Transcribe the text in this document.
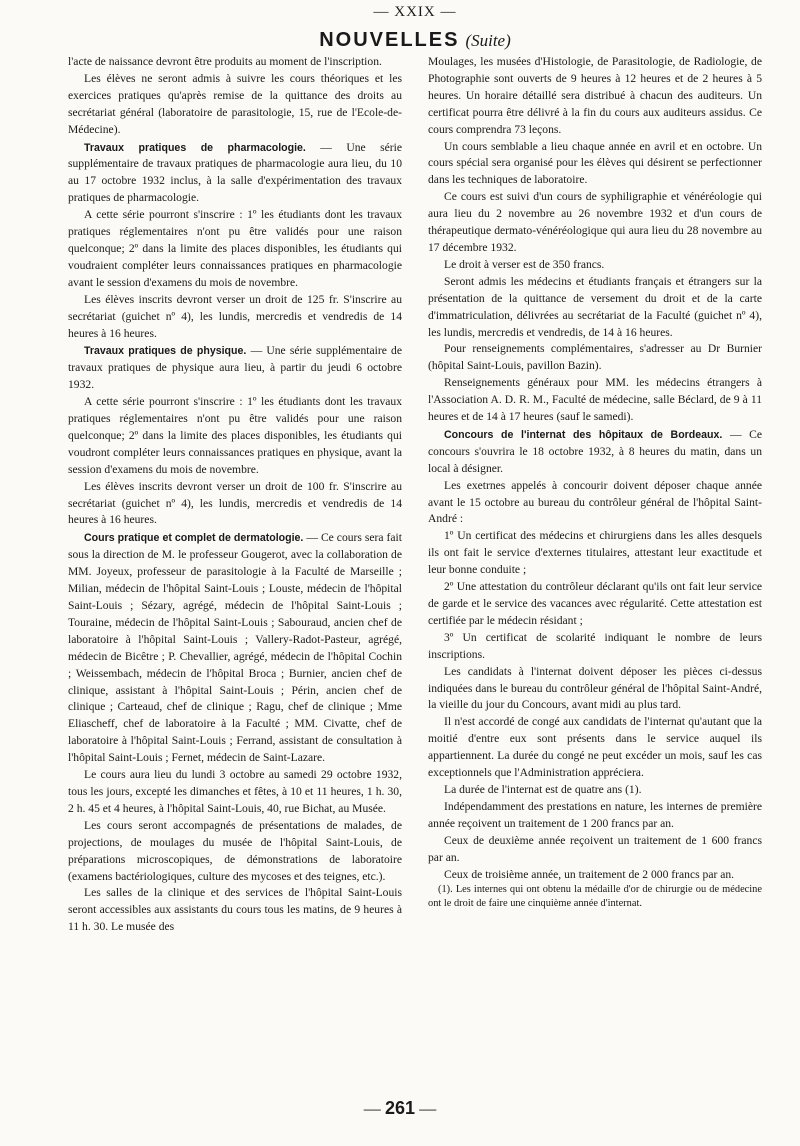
— XXIX —
NOUVELLES (Suite)

l'acte de naissance devront être produits au moment de l'inscription.

Les élèves ne seront admis à suivre les cours théoriques et les exercices pratiques qu'après remise de la quittance des droits au secrétariat général (laboratoire de parasitologie, 15, rue de l'Ecole-de-Médecine).

Travaux pratiques de pharmacologie. — Une série supplémentaire de travaux pratiques de pharmacologie aura lieu, du 10 au 17 octobre 1932 inclus, à la salle d'expérimentation des travaux pratiques de pharmacologie.

A cette série pourront s'inscrire : 1º les étudiants dont les travaux pratiques réglementaires n'ont pu être validés pour une raison quelconque; 2º dans la limite des places disponibles, les étudiants qui voudraient compléter leurs connaissances pratiques en pharmacologie avant le session d'examens du mois de novembre.

Les élèves inscrits devront verser un droit de 125 fr. S'inscrire au secrétariat (guichet nº 4), les lundis, mercredis et vendredis de 14 heures à 16 heures.

Travaux pratiques de physique. — Une série supplémentaire de travaux pratiques de physique aura lieu, à partir du jeudi 6 octobre 1932.

A cette série pourront s'inscrire : 1º les étudiants dont les travaux pratiques réglementaires n'ont pu être validés pour une raison quelconque; 2º dans la limite des places disponibles, les étudiants qui voudront compléter leurs connaissances pratiques en physique, avant la session d'examens du mois de novembre.

Les élèves inscrits devront verser un droit de 100 fr. S'inscrire au secrétariat (guichet nº 4), les lundis, mercredis et vendredis de 14 heures à 16 heures.

Cours pratique et complet de dermatologie. — Ce cours sera fait sous la direction de M. le professeur Gougerot, avec la collaboration de MM. Joyeux, professeur de parasitologie à la Faculté de Marseille ; Milian, médecin de l'hôpital Saint-Louis ; Louste, médecin de l'hôpital Saint-Louis ; Sézary, agrégé, médecin de l'hôpital Saint-Louis ; Touraine, médecin de l'hôpital Saint-Louis ; Sabouraud, ancien chef de laboratoire à l'hôpital Saint-Louis ; Vallery-Radot-Pasteur, agrégé, médecin de Bicêtre ; P. Chevallier, agrégé, médecin de l'hôpital Cochin ; Weissembach, médecin de l'hôpital Broca ; Burnier, ancien chef de clinique, assistant à l'hôpital Saint-Louis ; Périn, ancien chef de clinique ; Carteaud, chef de clinique ; Ragu, chef de clinique ; Mme Eliascheff, chef de laboratoire à la Faculté ; MM. Civatte, chef de laboratoire à l'hôpital Saint-Louis ; Ferrand, assistant de consultation à l'hôpital Saint-Louis ; Fernet, médecin de Saint-Lazare.

Le cours aura lieu du lundi 3 octobre au samedi 29 octobre 1932, tous les jours, excepté les dimanches et fêtes, à 10 et 11 heures, 1 h. 30, 2 h. 45 et 4 heures, à l'hôpital Saint-Louis, 40, rue Bichat, au Musée.

Les cours seront accompagnés de présentations de malades, de projections, de moulages du musée de l'hôpital Saint-Louis, de préparations microscopiques, de démonstrations de laboratoire (examens bactériologiques, culture des mycoses et des teignes, etc.).

Les salles de la clinique et des services de l'hôpital Saint-Louis seront accessibles aux assistants du cours tous les matins, de 9 heures à 11 h. 30. Le musée des

Moulages, les musées d'Histologie, de Parasitologie, de Radiologie, de Photographie sont ouverts de 9 heures à 12 heures et de 2 heures à 5 heures. Un horaire détaillé sera distribué à chacun des auditeurs. Un certificat pourra être délivré à la fin du cours aux auditeurs assidus. Ce cours comprendra 73 leçons.

Un cours semblable a lieu chaque année en avril et en octobre. Un cours spécial sera organisé pour les élèves qui désirent se perfectionner dans les techniques de laboratoire.

Ce cours est suivi d'un cours de syphiligraphie et vénéréologie qui aura lieu du 2 novembre au 26 novembre 1932 et d'un cours de thérapeutique dermato-vénéréologique qui aura lieu du 28 novembre au 17 décembre 1932.

Le droit à verser est de 350 francs.

Seront admis les médecins et étudiants français et étrangers sur la présentation de la quittance de versement du droit et de la carte d'immatriculation, délivrées au secrétariat de la Faculté (guichet nº 4), les lundis, mercredis et vendredis, de 14 à 16 heures.

Pour renseignements complémentaires, s'adresser au Dr Burnier (hôpital Saint-Louis, pavillon Bazin).

Renseignements généraux pour MM. les médecins étrangers à l'Association A. D. R. M., Faculté de médecine, salle Béclard, de 9 à 11 heures et de 14 à 17 heures (sauf le samedi).

Concours de l'internat des hôpitaux de Bordeaux. — Ce concours s'ouvrira le 18 octobre 1932, à 8 heures du matin, dans un local à désigner.

Les exetrnes appelés à concourir doivent déposer chaque année avant le 15 octobre au bureau du contrôleur général de l'hôpital Saint-André :

1º Un certificat des médecins et chirurgiens dans les alles desquels ils ont fait le service d'externes titulaires, attestant leur exactitude et leur bonne conduite ;

2º Une attestation du contrôleur déclarant qu'ils ont fait leur service de garde et le service des vacances avec régularité. Cette attestation est certifiée par le médecin résidant ;

3º Un certificat de scolarité indiquant le nombre de leurs inscriptions.

Les candidats à l'internat doivent déposer les pièces ci-dessus indiquées dans le bureau du contrôleur général de l'hôpital Saint-André, la vieille du jour du Concours, avant midi au plus tard.

Il n'est accordé de congé aux candidats de l'internat qu'autant que la moitié d'entre eux sont présents dans le service auquel ils appartiennent. La durée du congé ne peut excéder un mois, sauf les cas exceptionnels que l'Administration appréciera.

La durée de l'internat est de quatre ans (1).

Indépendamment des prestations en nature, les internes de première année reçoivent un traitement de 1 200 francs par an.

Ceux de deuxième année reçoivent un traitement de 1 600 francs par an.

Ceux de troisième année, un traitement de 2 000 francs par an.

(1). Les internes qui ont obtenu la médaille d'or de chirurgie ou de médecine ont le droit de faire une cinquième année d'internat.

— 261 —
